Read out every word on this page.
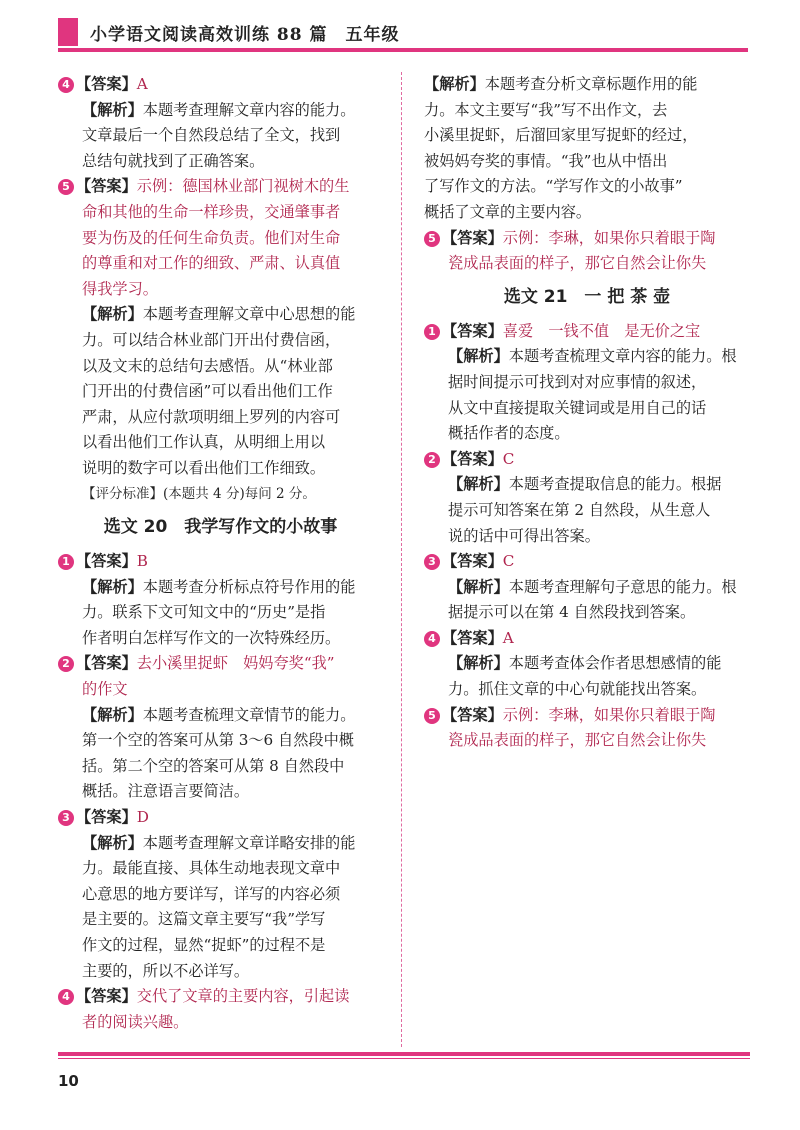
小学语文阅读高效训练 88 篇　五年级
4 【答案】A
【解析】本题考查理解文章内容的能力。
文章最后一个自然段总结了全文，找到
总结句就找到了正确答案。
5 【答案】示例：德国林业部门视树木的生
命和其他的生命一样珍贵，交通肇事者
要为伤及的任何生命负责。他们对生命
的尊重和对工作的细致、严肃、认真值
得我学习。
【解析】本题考查理解文章中心思想的能
力。可以结合林业部门开出付费信函，
以及文末的总结句去感悟。从“林业部
门开出的付费信函”可以看出他们工作
严肃，从应付款项明细上罗列的内容可
以看出他们工作认真，从明细上用以
说明的数字可以看出他们工作细致。
【评分标准】(本题共 4 分)每问 2 分。
选文 20　我学写作文的小故事
1 【答案】B
【解析】本题考查分析标点符号作用的能
力。联系下文可知文中的“历史”是指
作者明白怎样写作文的一次特殊经历。
2 【答案】去小溪里捉虾　妈妈夸奖“我”
的作文
【解析】本题考查梳理文章情节的能力。
第一个空的答案可从第 3～6 自然段中概
括。第二个空的答案可从第 8 自然段中
概括。注意语言要简洁。
3 【答案】D
【解析】本题考查理解文章详略安排的能
力。最能直接、具体生动地表现文章中
心意思的地方要详写，详写的内容必须
是主要的。这篇文章主要写“我”学写
作文的过程，显然“捉虾”的过程不是
主要的，所以不必详写。
4 【答案】交代了文章的主要内容，引起读
者的阅读兴趣。
【解析】本题考查分析文章标题作用的能
力。本文主要写“我”写不出作文，去
小溪里捉虾，后溜回家里写捉虾的经过，
被妈妈夸奖的事情。“我”也从中悟出
了写作文的方法。“学写作文的小故事”
概括了文章的主要内容。
5 【答案】示例：李琳，如果你只着眼于陶
瓷成品表面的样子，那它自然会让你失
选文 21　一 把 茶 壶
1 【答案】喜爱　一钱不值　是无价之宝
【解析】本题考查梳理文章内容的能力。根
据时间提示可找到对对应事情的叙述，
从文中直接提取关键词或是用自己的话
概括作者的态度。
2 【答案】C
【解析】本题考查提取信息的能力。根据
提示可知答案在第 2 自然段，从生意人
说的话中可得出答案。
3 【答案】C
【解析】本题考查理解句子意思的能力。根
据提示可以在第 4 自然段找到答案。
4 【答案】A
【解析】本题考查体会作者思想感情的能
力。抓住文章的中心句就能找出答案。
5 【答案】示例：李琳，如果你只着眼于陶
瓷成品表面的样子，那它自然会让你失
10
